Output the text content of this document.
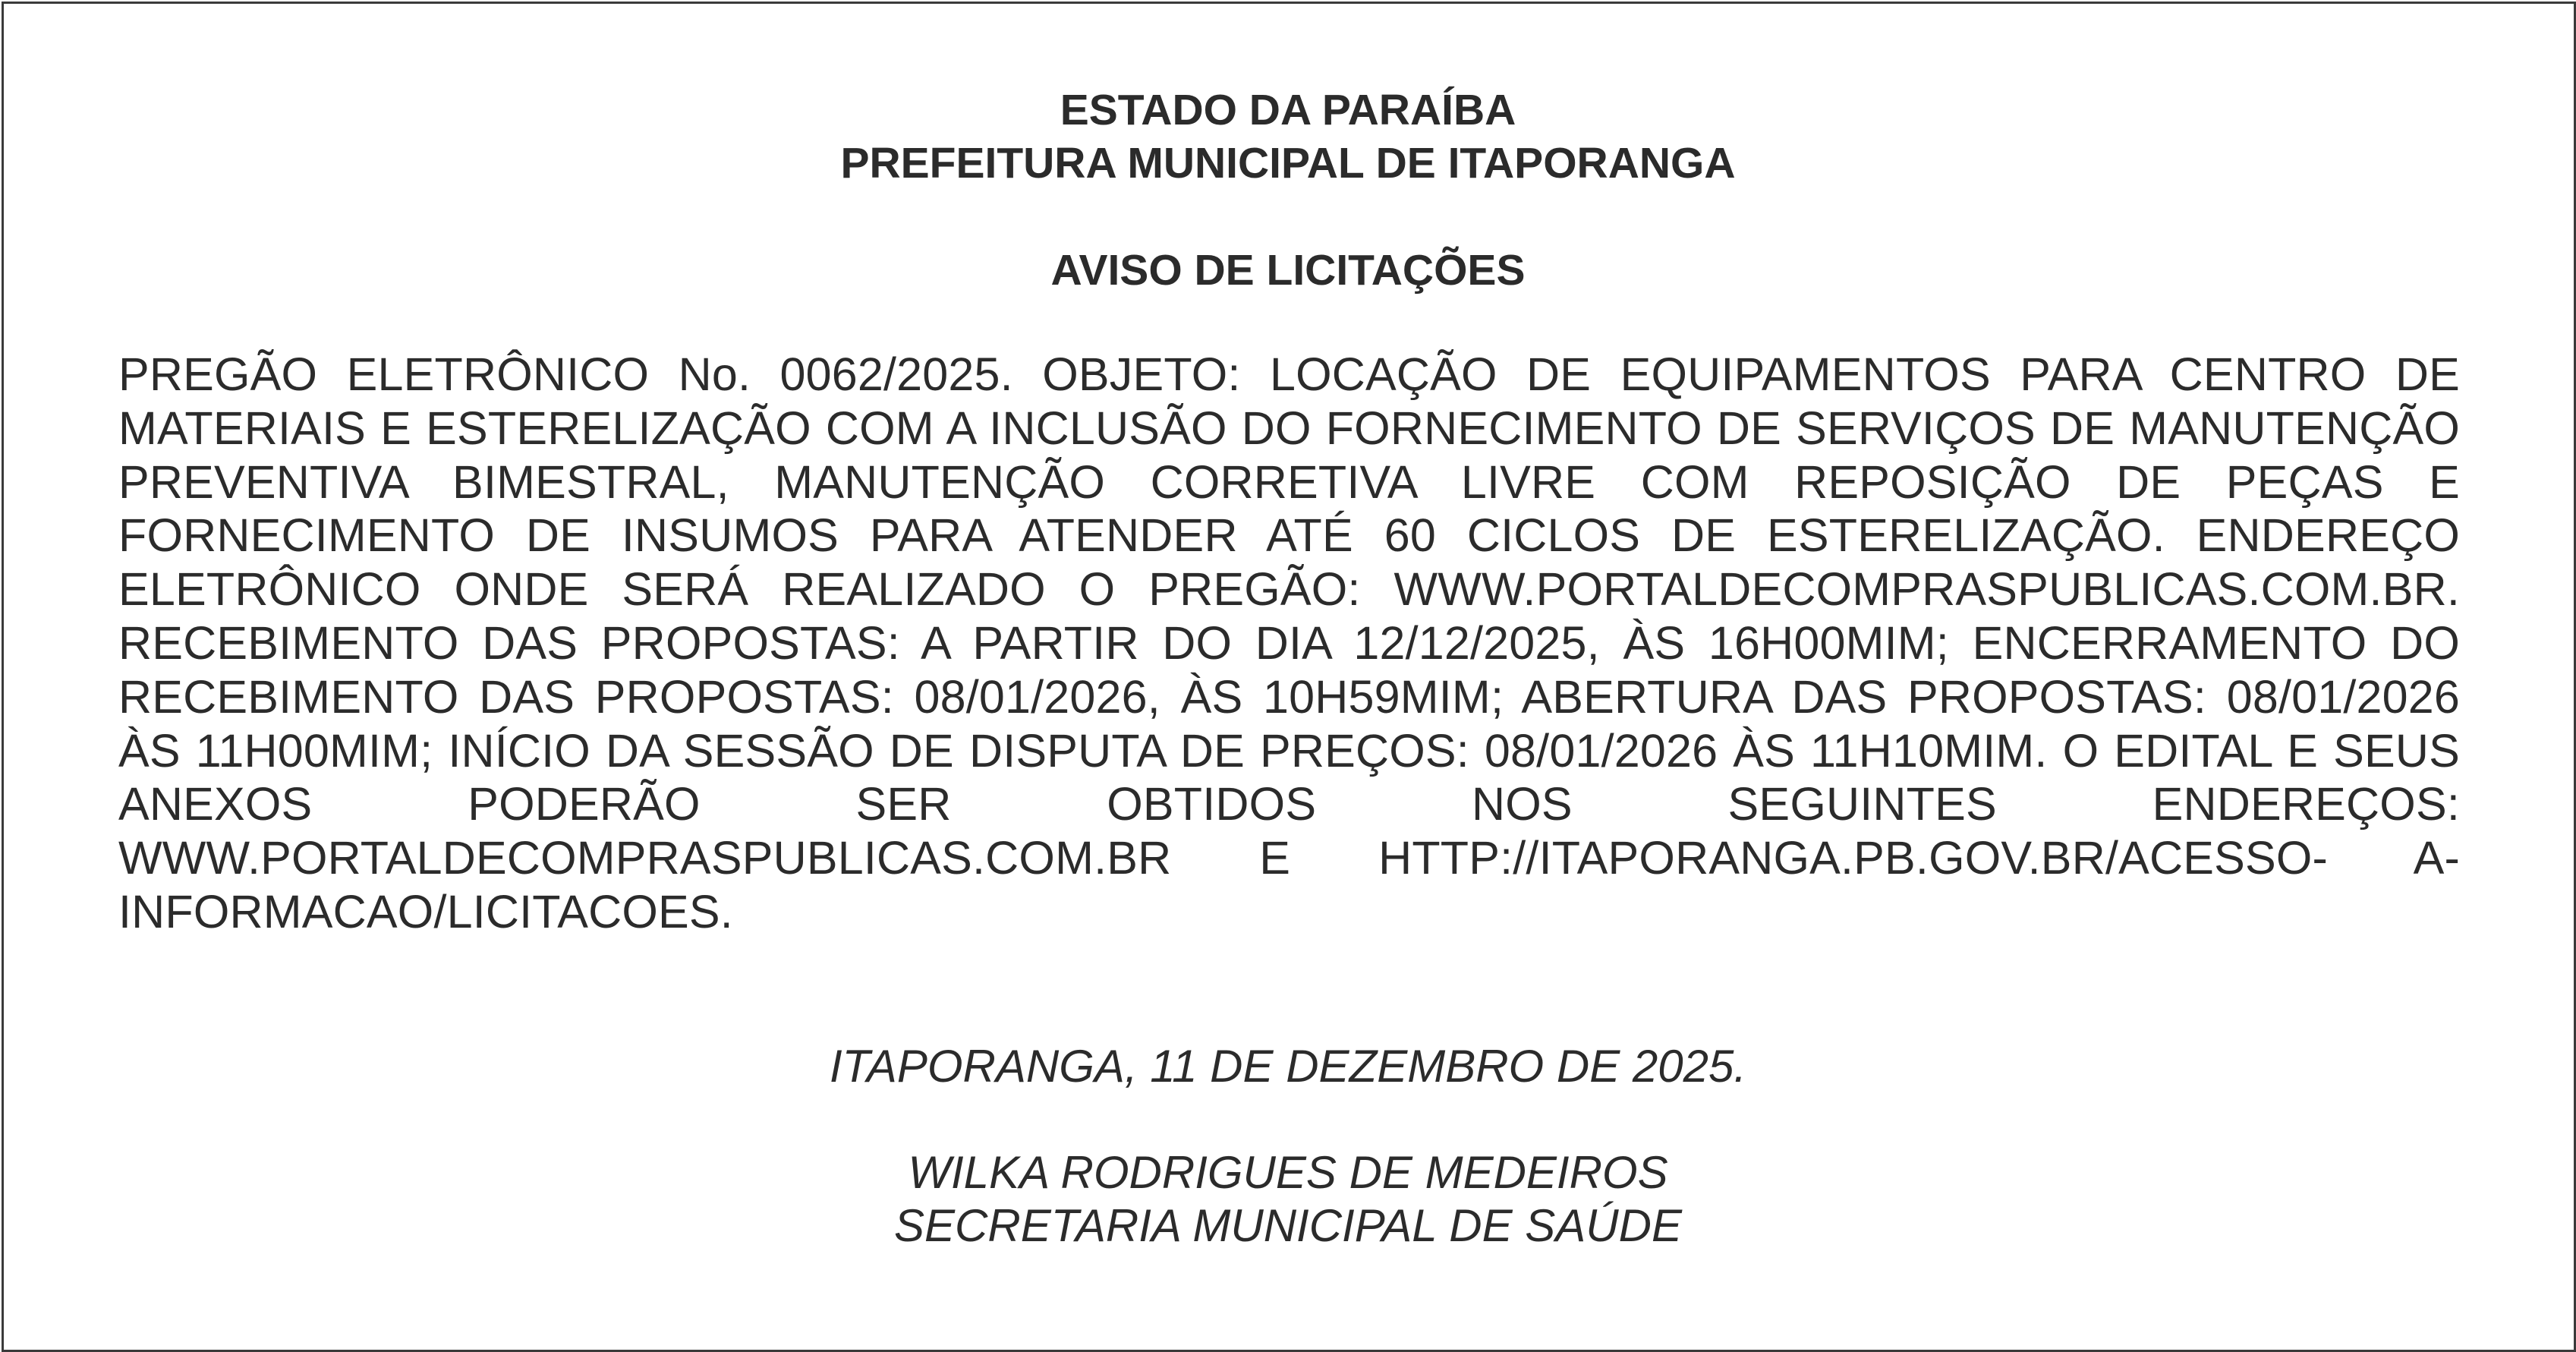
ESTADO DA PARAÍBA
PREFEITURA MUNICIPAL DE ITAPORANGA
AVISO DE LICITAÇÕES

PREGÃO ELETRÔNICO No. 0062/2025. OBJETO: LOCAÇÃO DE EQUIPAMENTOS PARA CENTRO DE MATERIAIS E ESTERELIZAÇÃO COM A INCLUSÃO DO FORNECIMENTO DE SERVIÇOS DE MANUTENÇÃO PREVENTIVA BIMESTRAL, MANUTENÇÃO CORRETIVA LIVRE COM REPOSIÇÃO DE PEÇAS E FORNECIMENTO DE INSUMOS PARA ATENDER ATÉ 60 CICLOS DE ESTERELIZAÇÃO. ENDEREÇO ELETRÔNICO ONDE SERÁ REALIZADO O PREGÃO: WWW.PORTALDECOMPRASPUBLICAS.COM.BR. RECEBIMENTO DAS PROPOSTAS: A PARTIR DO DIA 12/12/2025, ÀS 16H00MIM; ENCERRAMENTO DO RECEBIMENTO DAS PROPOSTAS: 08/01/2026, ÀS 10H59MIM; ABERTURA DAS PROPOSTAS: 08/01/2026 ÀS 11H00MIM; INÍCIO DA SESSÃO DE DISPUTA DE PREÇOS: 08/01/2026 ÀS 11H10MIM. O EDITAL E SEUS ANEXOS PODERÃO SER OBTIDOS NOS SEGUINTES ENDEREÇOS: WWW.PORTALDECOMPRASPUBLICAS.COM.BR E HTTP://ITAPORANGA.PB.GOV.BR/ACESSO- A-INFORMACAO/LICITACOES.

ITAPORANGA, 11 DE DEZEMBRO DE 2025.
WILKA RODRIGUES DE MEDEIROS
SECRETARIA MUNICIPAL DE SAÚDE
